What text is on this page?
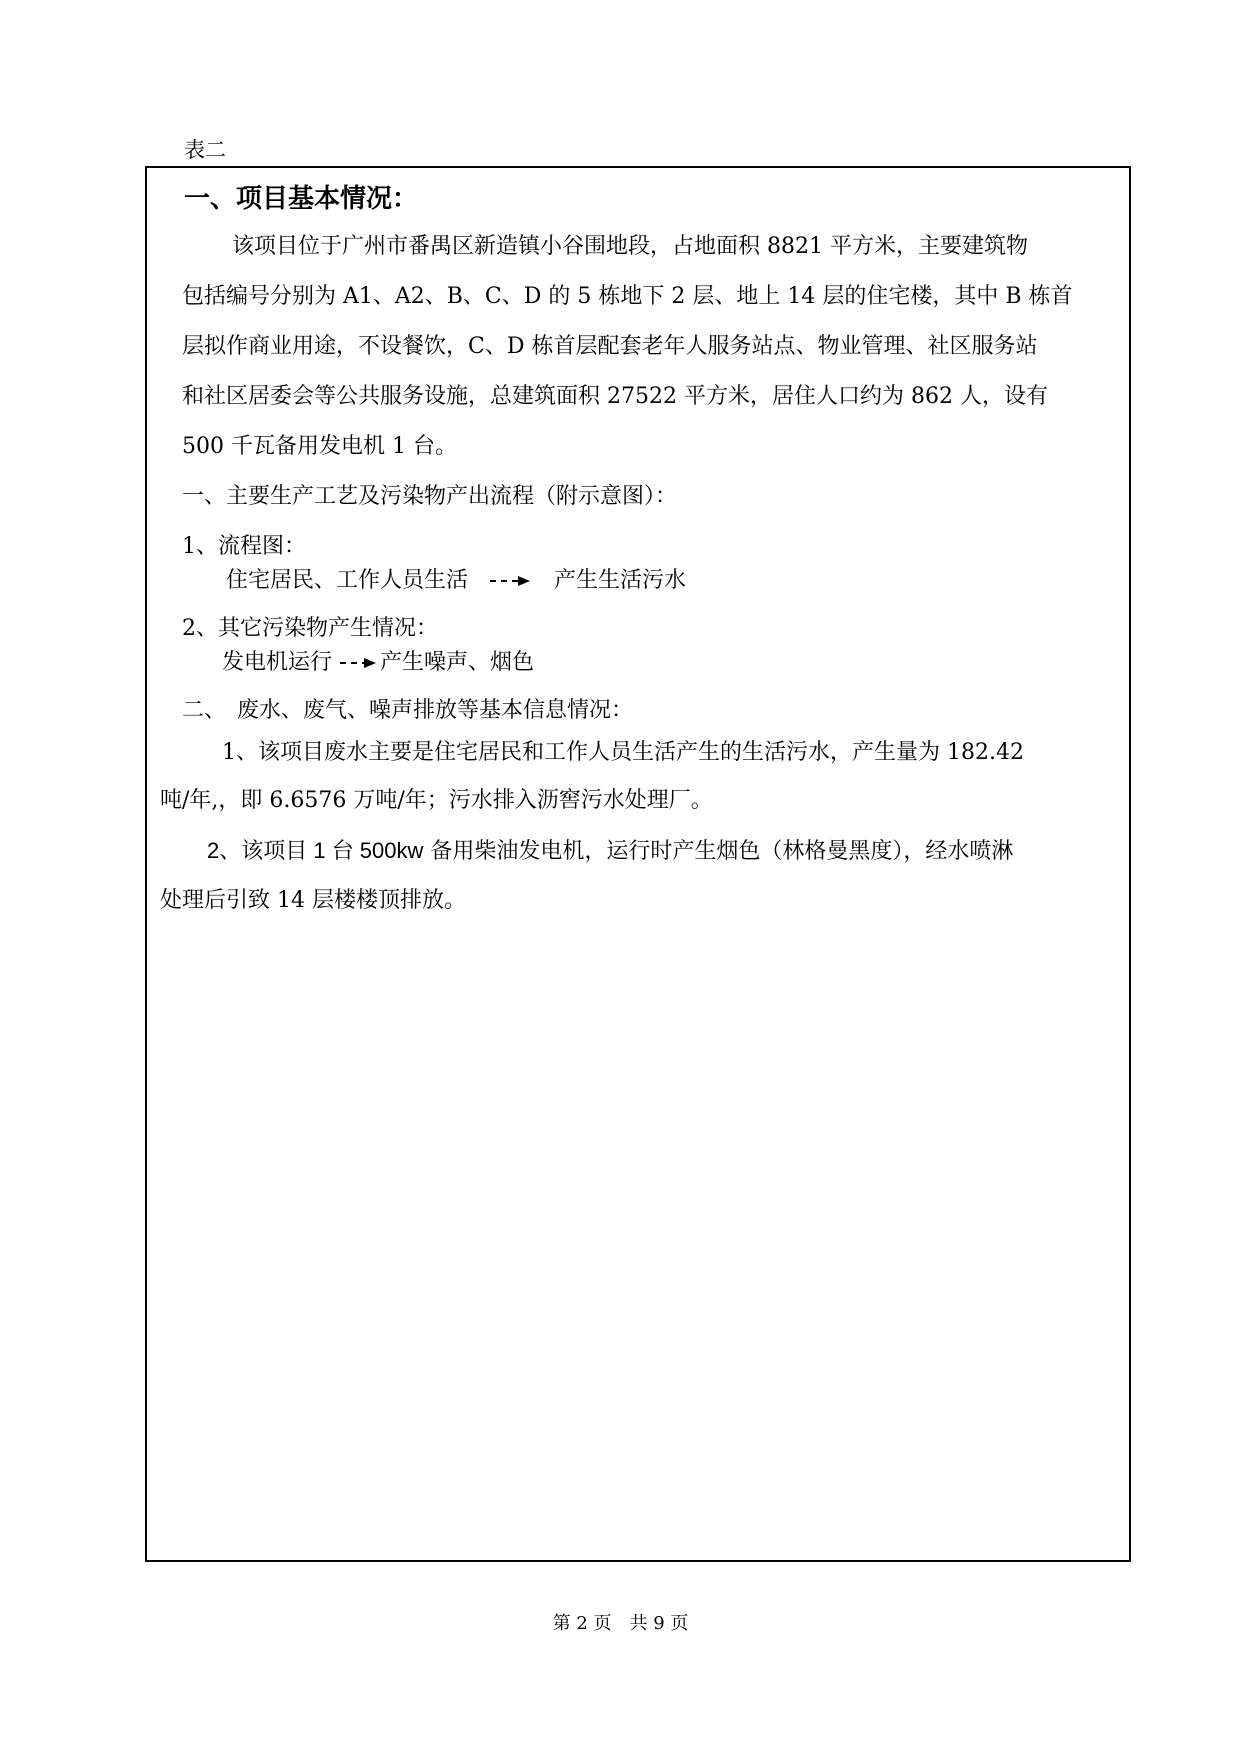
表二
一、项目基本情况：
该项目位于广州市番禺区新造镇小谷围地段，占地面积 8821 平方米，主要建筑物
包括编号分别为 A1、A2、B、C、D 的 5 栋地下 2 层、地上 14 层的住宅楼，其中 B 栋首
层拟作商业用途，不设餐饮，C、D 栋首层配套老年人服务站点、物业管理、社区服务站
和社区居委会等公共服务设施，总建筑面积 27522 平方米，居住人口约为 862 人，设有
500 千瓦备用发电机 1 台。
一、主要生产工艺及污染物产出流程（附示意图）：
1、流程图：
住宅居民、工作人员生活	产生生活污水
2、其它污染物产生情况：
发电机运行 产生噪声、烟色
二、　废水、废气、噪声排放等基本信息情况：
1、该项目废水主要是住宅居民和工作人员生活产生的生活污水，产生量为 182.42
吨/年,，即 6.6576 万吨/年；污水排入沥窖污水处理厂。
2、该项目 1 台 500kw 备用柴油发电机，运行时产生烟色（林格曼黑度），经水喷淋
处理后引致 14 层楼楼顶排放。
第 2 页　共 9 页
